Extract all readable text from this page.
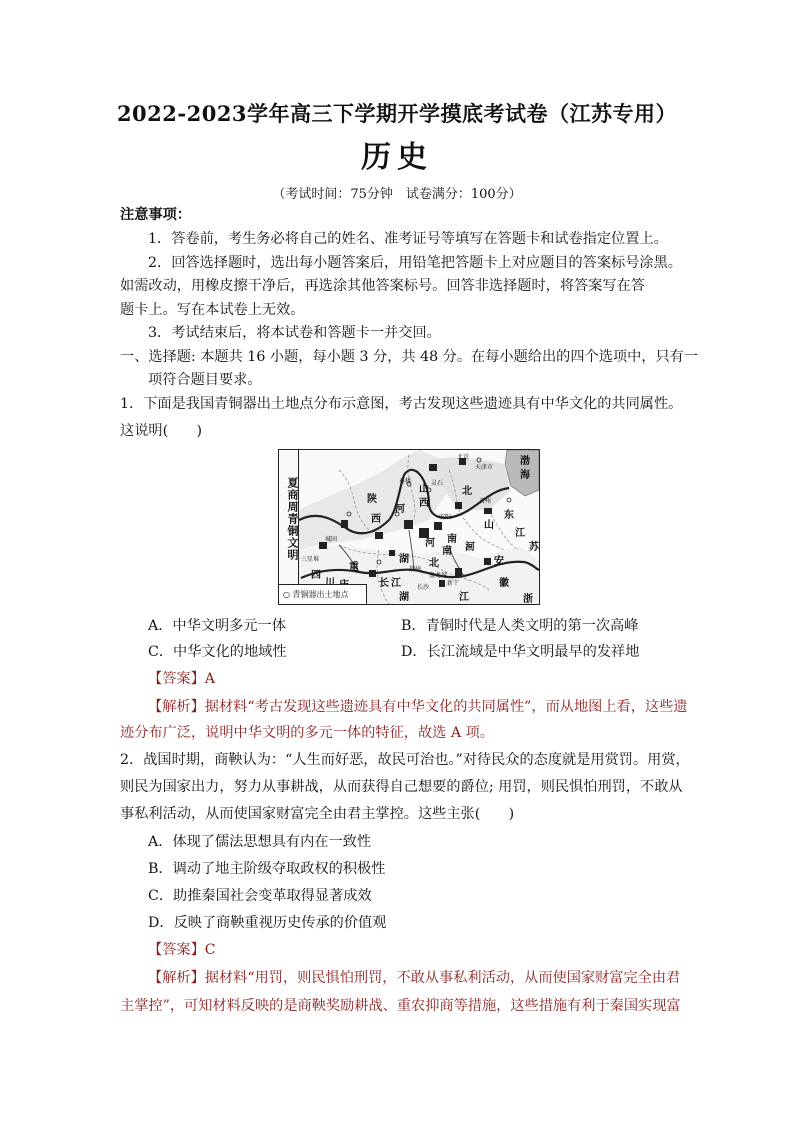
2022-2023学年高三下学期开学摸底考试卷（江苏专用）
历史
（考试时间：75分钟　试卷满分：100分）
注意事项：
1．答卷前，考生务必将自己的姓名、准考证号等填写在答题卡和试卷指定位置上。
2．回答选择题时，选出每小题答案后，用铅笔把答题卡上对应题目的答案标号涂黑。
如需改动，用橡皮擦干净后，再选涂其他答案标号。回答非选择题时，将答案写在答
题卡上。写在本试卷上无效。
3．考试结束后，将本试卷和答题卡一并交回。
一、选择题: 本题共 16 小题，每小题 3 分，共 48 分。在每小题给出的四个选项中，只有一
项符合题目要求。
1．下面是我国青铜器出土地点分布示意图，考古发现这些遗迹具有中华文化的共同属性。
这说明(　　)
夏商周青铜文明
渤
海
山
西
北
东
陕
西
河
河
南
山
江
苏
四
湖 北	安
徽
浙
江
湖
重
长 江
河 南
北京
天津市
石楼	灵石
青州
城固
安阳
三星堆
荆州
盘龙城
新干
长沙
○ 青铜器出土地点
A．中华文明多元一体	B．青铜时代是人类文明的第一次高峰
C．中华文化的地域性	D．长江流域是中华文明最早的发祥地
【答案】A
【解析】据材料“考古发现这些遗迹具有中华文化的共同属性”，而从地图上看，这些遗
迹分布广泛，说明中华文明的多元一体的特征，故选 A 项。
2．战国时期，商鞅认为：“人生而好恶，故民可治也。”对待民众的态度就是用赏罚。用赏，
则民为国家出力，努力从事耕战，从而获得自己想要的爵位; 用罚，则民惧怕刑罚，不敢从
事私利活动，从而使国家财富完全由君主掌控。这些主张(　　)
A．体现了儒法思想具有内在一致性
B．调动了地主阶级夺取政权的积极性
C．助推秦国社会变革取得显著成效
D．反映了商鞅重视历史传承的价值观
【答案】C
【解析】据材料“用罚，则民惧怕刑罚，不敢从事私利活动，从而使国家财富完全由君
主掌控”，可知材料反映的是商鞅奖励耕战、重农抑商等措施，这些措施有利于秦国实现富
